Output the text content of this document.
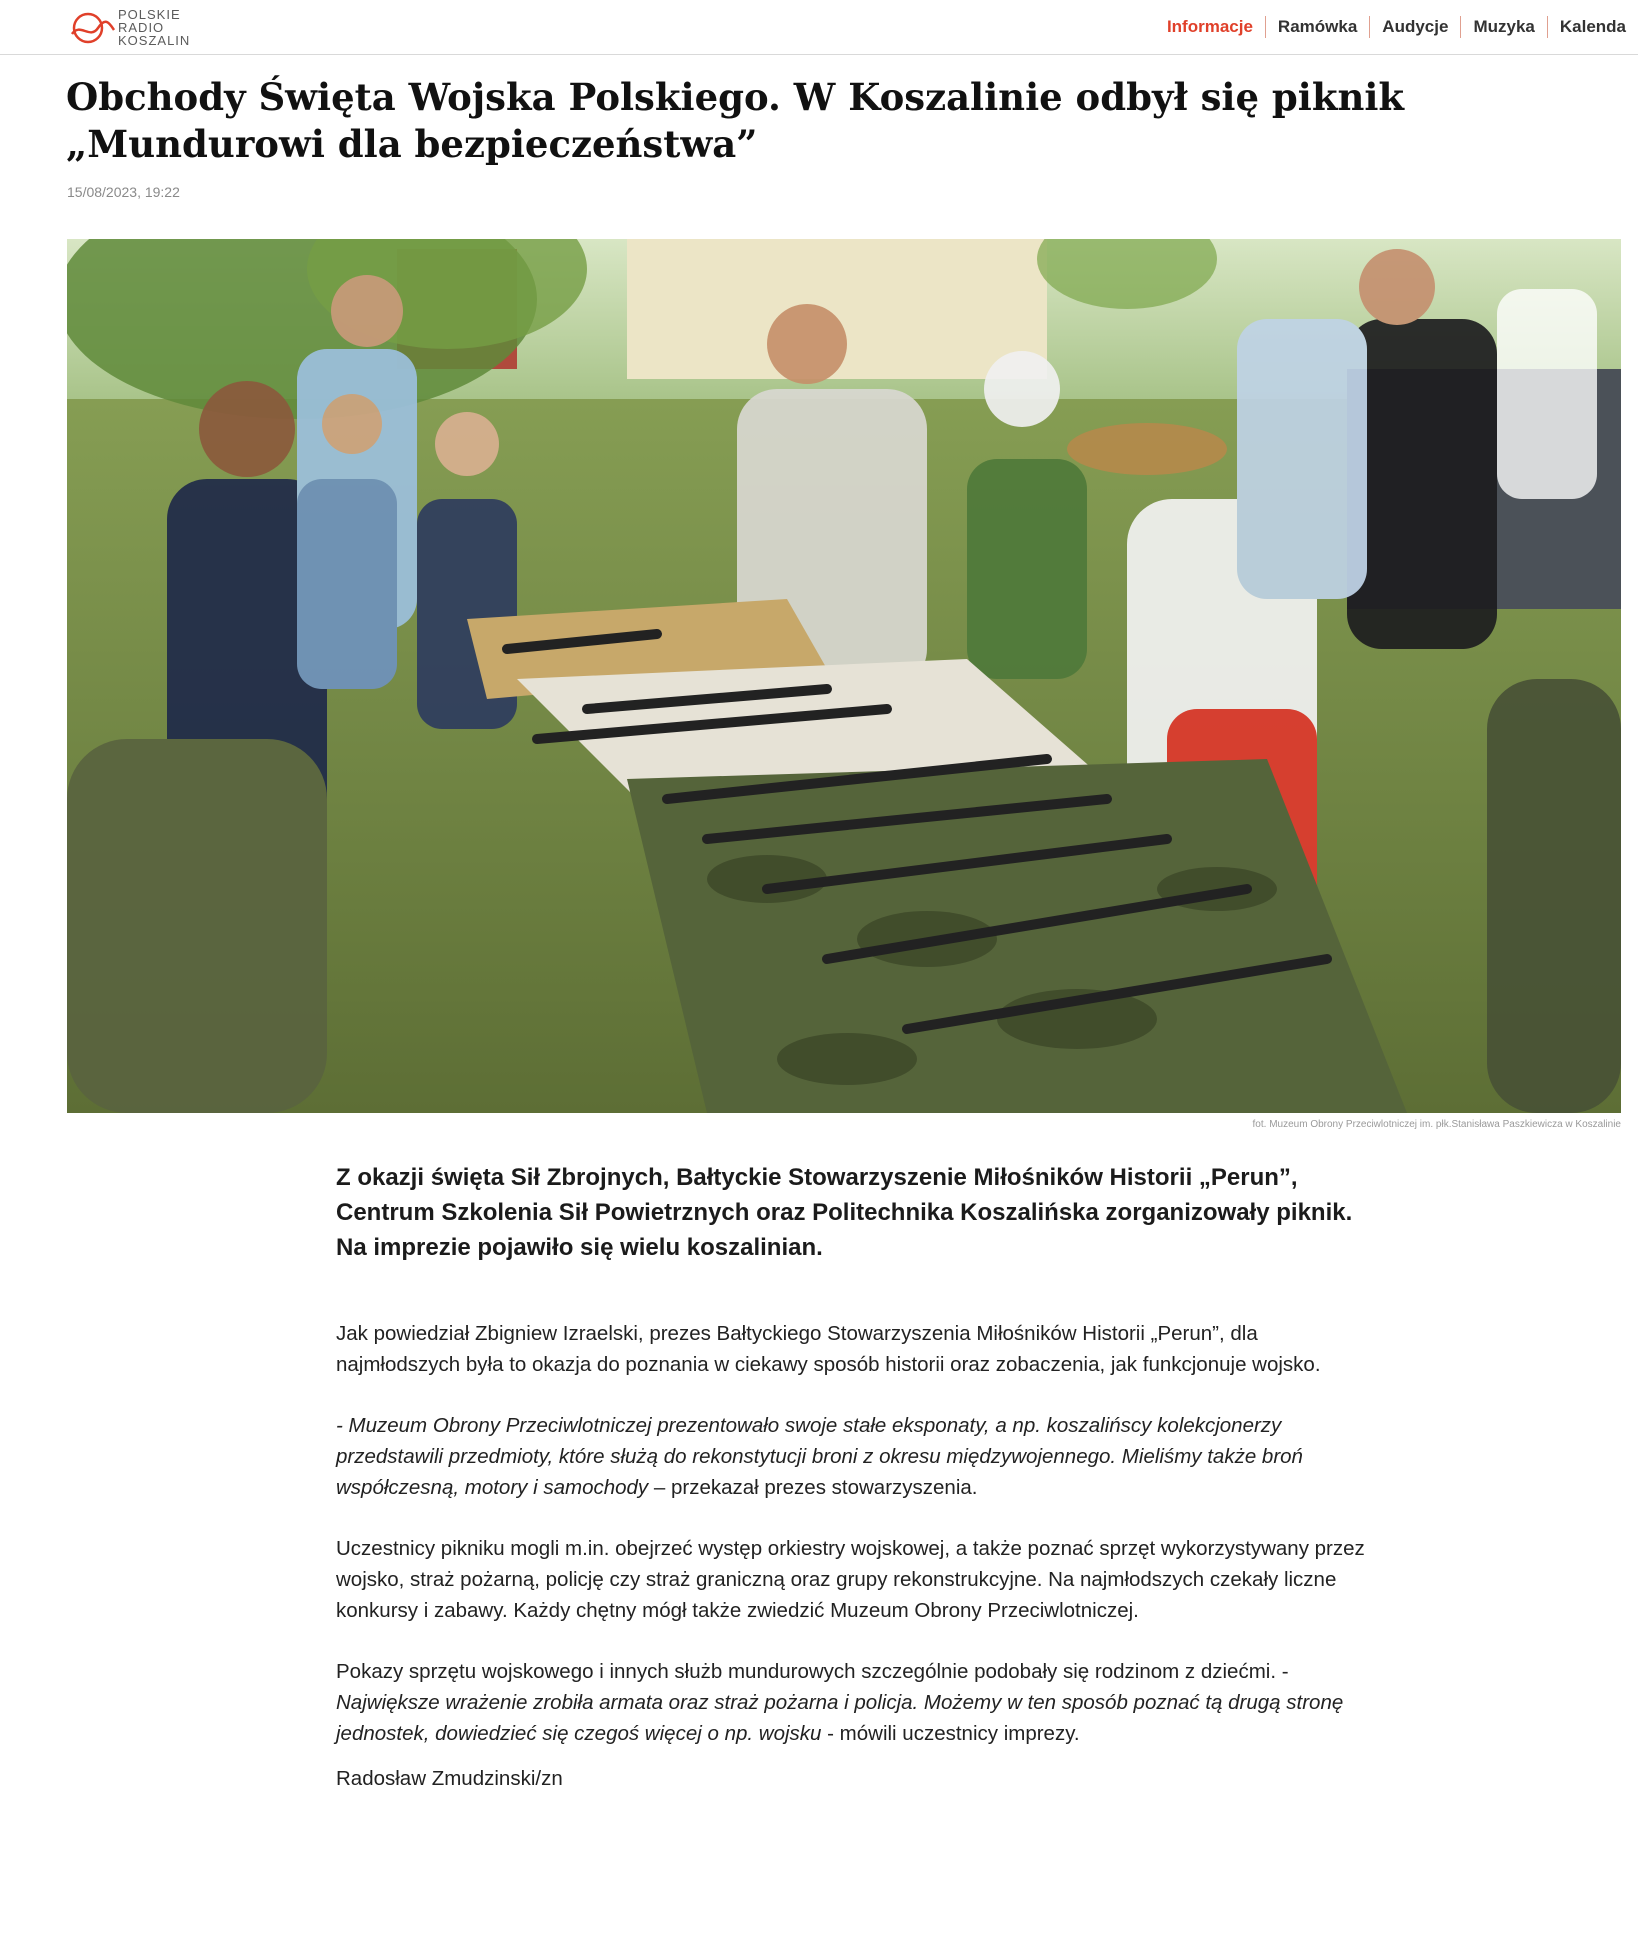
POLSKIE
RADIO
KOSZALIN
Informacje	Ramówka	Audycje	Muzyka	Kalenda
Obchody Święta Wojska Polskiego. W Koszalinie odbył się piknik „Mundurowi dla bezpieczeństwa”
15/08/2023, 19:22
fot. Muzeum Obrony Przeciwlotniczej im. płk.Stanisława Paszkiewicza w Koszalinie

Z okazji święta Sił Zbrojnych, Bałtyckie Stowarzyszenie Miłośników Historii „Perun”, Centrum Szkolenia Sił Powietrznych oraz Politechnika Koszalińska zorganizowały piknik. Na imprezie pojawiło się wielu koszalinian.

Jak powiedział Zbigniew Izraelski, prezes Bałtyckiego Stowarzyszenia Miłośników Historii „Perun”, dla najmłodszych była to okazja do poznania w ciekawy sposób historii oraz zobaczenia, jak funkcjonuje wojsko.

- Muzeum Obrony Przeciwlotniczej prezentowało swoje stałe eksponaty, a np. koszalińscy kolekcjonerzy przedstawili przedmioty, które służą do rekonstytucji broni z okresu międzywojennego. Mieliśmy także broń współczesną, motory i samochody – przekazał prezes stowarzyszenia.

Uczestnicy pikniku mogli m.in. obejrzeć występ orkiestry wojskowej, a także poznać sprzęt wykorzystywany przez wojsko, straż pożarną, policję czy straż graniczną oraz grupy rekonstrukcyjne. Na najmłodszych czekały liczne konkursy i zabawy. Każdy chętny mógł także zwiedzić Muzeum Obrony Przeciwlotniczej.

Pokazy sprzętu wojskowego i innych służb mundurowych szczególnie podobały się rodzinom z dziećmi. - Największe wrażenie zrobiła armata oraz straż pożarna i policja. Możemy w ten sposób poznać tą drugą stronę jednostek, dowiedzieć się czegoś więcej o np. wojsku - mówili uczestnicy imprezy.

Radosław Zmudzinski/zn
